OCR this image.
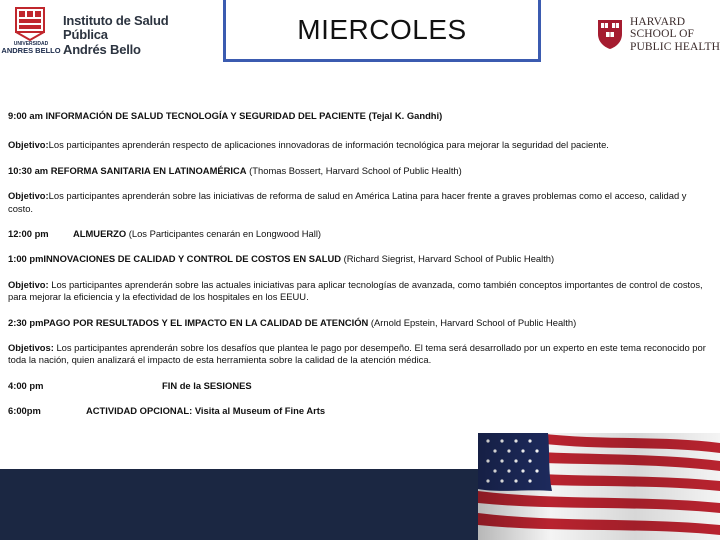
UNIVERSIDAD
ANDRES BELLO
Instituto de Salud Pública
Andrés Bello
MIERCOLES	HARVARD
SCHOOL OF
PUBLIC HEALTH

9:00 am INFORMACIÓN DE SALUD TECNOLOGÍA Y SEGURIDAD DEL PACIENTE (Tejal K. Gandhi)

Objetivo:Los participantes aprenderán respecto de aplicaciones innovadoras de información tecnológica para mejorar la seguridad del paciente.

10:30 am REFORMA SANITARIA EN LATINOAMÉRICA (Thomas Bossert, Harvard School of Public Health)

Objetivo:Los participantes aprenderán sobre las iniciativas de reforma de salud en América Latina para hacer frente a graves problemas como el acceso, calidad y costo.

12:00 pm	ALMUERZO (Los Participantes cenarán en Longwood Hall)

1:00 pmINNOVACIONES DE CALIDAD Y CONTROL DE COSTOS EN SALUD (Richard Siegrist, Harvard School of Public Health)

Objetivo: Los participantes aprenderán sobre las actuales iniciativas para aplicar tecnologías de avanzada, como también conceptos importantes de control de costos, para mejorar la eficiencia y la efectividad de los hospitales en los EEUU.

2:30 pmPAGO POR RESULTADOS Y EL IMPACTO EN LA CALIDAD DE ATENCIÓN (Arnold Epstein, Harvard School of Public Health)

Objetivos: Los participantes aprenderán sobre los desafíos que plantea le pago por desempeño. El tema será desarrollado por un experto en este tema reconocido por toda la nación, quien analizará el impacto de esta herramienta sobre la calidad de la atención médica.

4:00 pm	FIN de la SESIONES

6:00pm	ACTIVIDAD OPCIONAL: Visita al Museum of Fine Arts
